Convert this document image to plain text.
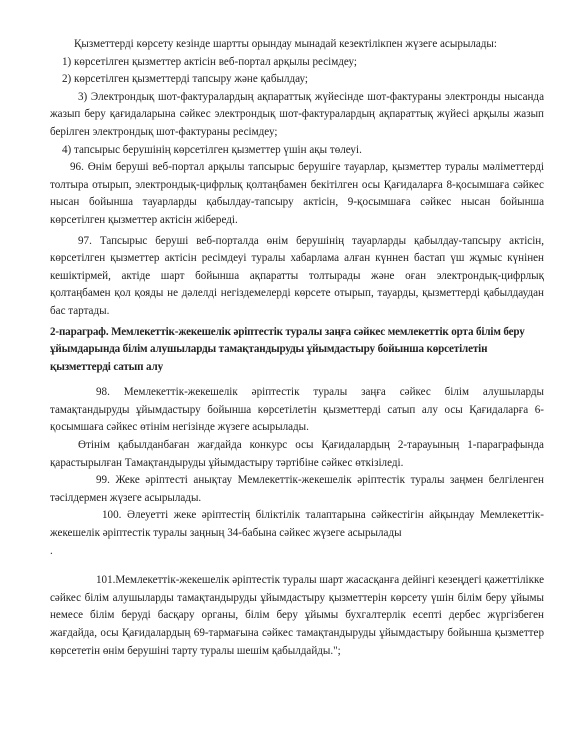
Қызметтерді көрсету кезінде шартты орындау мынадай кезектілікпен жүзеге асырылады:

1) көрсетілген қызметтер актісін веб-портал арқылы ресімдеу;

2) көрсетілген қызметтерді тапсыру және қабылдау;

3) Электрондық шот-фактуралардың ақпараттық жүйесінде шот-фактураны электронды нысанда жазып беру қағидаларына сәйкес электрондық шот-фактуралардың ақпараттық жүйесі арқылы жазып берілген электрондық шот-фактураны ресімдеу;

4) тапсырыс берушінің көрсетілген қызметтер үшін ақы төлеуі.

96. Өнім беруші веб-портал арқылы тапсырыс берушіге тауарлар, қызметтер туралы мәліметтерді толтыра отырып, электрондық-цифрлық қолтаңбамен бекітілген осы Қағидаларға 8-қосымшаға сәйкес нысан бойынша тауарларды қабылдау-тапсыру актісін, 9-қосымшаға сәйкес нысан бойынша көрсетілген қызметтер актісін жібереді.

97. Тапсырыс беруші веб-порталда өнім берушінің тауарларды қабылдау-тапсыру актісін, көрсетілген қызметтер актісін ресімдеуі туралы хабарлама алған күннен бастап үш жұмыс күнінен кешіктірмей, актіде шарт бойынша ақпаратты толтырады және оған электрондық-цифрлық қолтаңбамен қол қояды не дәлелді негіздемелерді көрсете отырып, тауарды, қызметтерді қабылдаудан бас тартады.

2-параграф. Мемлекеттік-жекешелік әріптестік туралы заңға сәйкес мемлекеттік орта білім беру ұйымдарында білім алушыларды тамақтандыруды ұйымдастыру бойынша көрсетілетін қызметтерді сатып алу

98. Мемлекеттік-жекешелік әріптестік туралы заңға сәйкес білім алушыларды тамақтандыруды ұйымдастыру бойынша көрсетілетін қызметтерді сатып алу осы Қағидаларға 6-қосымшаға сәйкес өтінім негізінде жүзеге асырылады.

Өтінім қабылданбаған жағдайда конкурс осы Қағидалардың 2-тарауының 1-параграфында қарастырылған Тамақтандыруды ұйымдастыру тәртібіне сәйкес өткізіледі.

99. Жеке әріптесті анықтау Мемлекеттік-жекешелік әріптестік туралы заңмен белгіленген тәсілдермен жүзеге асырылады.

100. Әлеуетті жеке әріптестің біліктілік талаптарына сәйкестігін айқындау Мемлекеттік-жекешелік әріптестік туралы заңның 34-бабына сәйкес жүзеге асырылады

.

101.Мемлекеттік-жекешелік әріптестік туралы шарт жасасқанға дейінгі кезеңдегі қажеттілікке сәйкес білім алушыларды тамақтандыруды ұйымдастыру қызметтерін көрсету үшін білім беру ұйымы немесе білім беруді басқару органы, білім беру ұйымы бухгалтерлік есепті дербес жүргізбеген жағдайда, осы Қағидалардың 69-тармағына сәйкес тамақтандыруды ұйымдастыру бойынша қызметтер көрсететін өнім берушіні тарту туралы шешім қабылдайды.";
